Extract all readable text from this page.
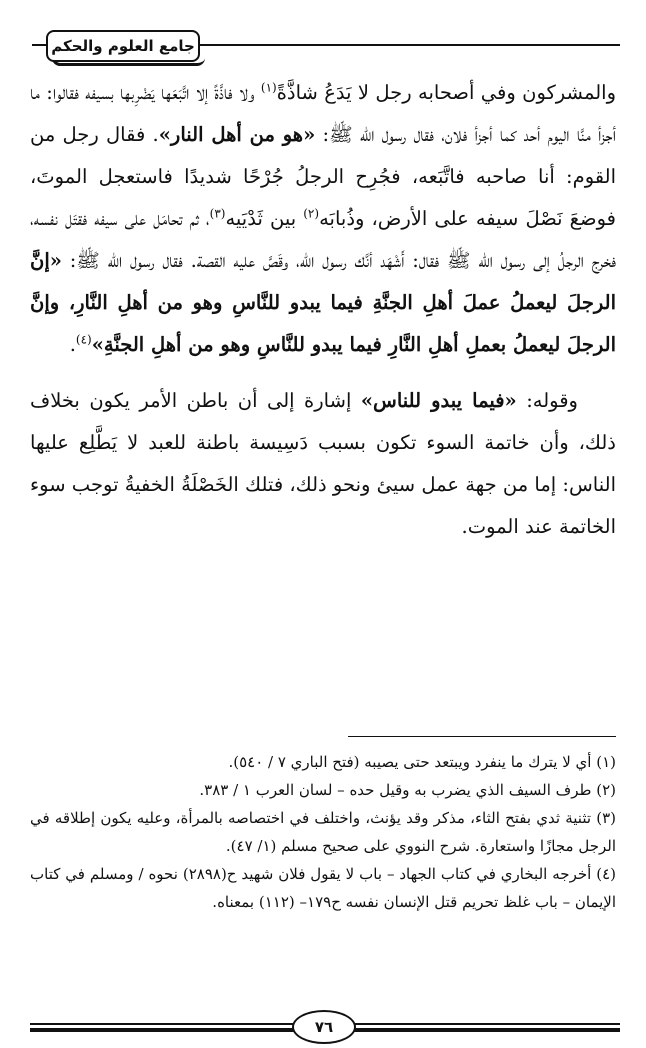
جامع العلوم والحكم

والمشركون وفي أصحابه رجل لا يَدَعُ شاذَّةً$^{(١)}$ ولا فاذَّةً إلا اتَّبَعَها يَضْرِبها بسيفه فقالوا: ما أجزأ منَّا اليوم أحد كما أجزأ فلان، فقال رسول الله ﷺ: «هو من أهل النار». فقال رجل من القوم: أنا صاحبه فاتَّبَعه، فجُرِح الرجلُ جُرْحًا شديدًا فاستعجل الموتَ، فوضعَ نَصْلَ سيفه على الأرض، وذُبابَه$^{(٢)}$ بين ثَدْيَيه$^{(٣)}$، ثم تحامَل على سيفه فقتَل نفسه، فخرج الرجلُ إلى رسول الله ﷺ فقال: أَشْهَد أنَّك رسول الله، وقَصَّ عليه القصة. فقال رسول الله ﷺ: «إنَّ الرجلَ ليعملُ عملَ أهلِ الجنَّةِ فيما يبدو للنَّاسِ وهو من أهلِ النَّارِ، وإنَّ الرجلَ ليعملُ بعملِ أهلِ النَّارِ فيما يبدو للنَّاسِ وهو من أهلِ الجنَّةِ»$^{(٤)}$.

وقوله: «فيما يبدو للناس» إشارة إلى أن باطن الأمر يكون بخلاف ذلك، وأن خاتمة السوء تكون بسبب دَسِيسة باطنة للعبد لا يَطَّلِع عليها الناس: إما من جهة عمل سيئ ونحو ذلك، فتلك الخَصْلَةُ الخفيةُ توجب سوء الخاتمة عند الموت.

(١) أي لا يترك ما ينفرد ويبتعد حتى يصيبه (فتح الباري ٧ / ٥٤٠).

(٢) طرف السيف الذي يضرب به وقيل حده – لسان العرب ١ / ٣٨٣.

(٣) تثنية ثدي بفتح الثاء، مذكر وقد يؤنث، واختلف في اختصاصه بالمرأة، وعليه يكون إطلاقه في الرجل مجازًا واستعارة. شرح النووي على صحيح مسلم (١/ ٤٧).

(٤) أخرجه البخاري في كتاب الجهاد – باب لا يقول فلان شهيد ح(٢٨٩٨) نحوه / ومسلم في كتاب الإيمان – باب غلظ تحريم قتل الإنسان نفسه ح١٧٩– (١١٢) بمعناه.

٧٦
